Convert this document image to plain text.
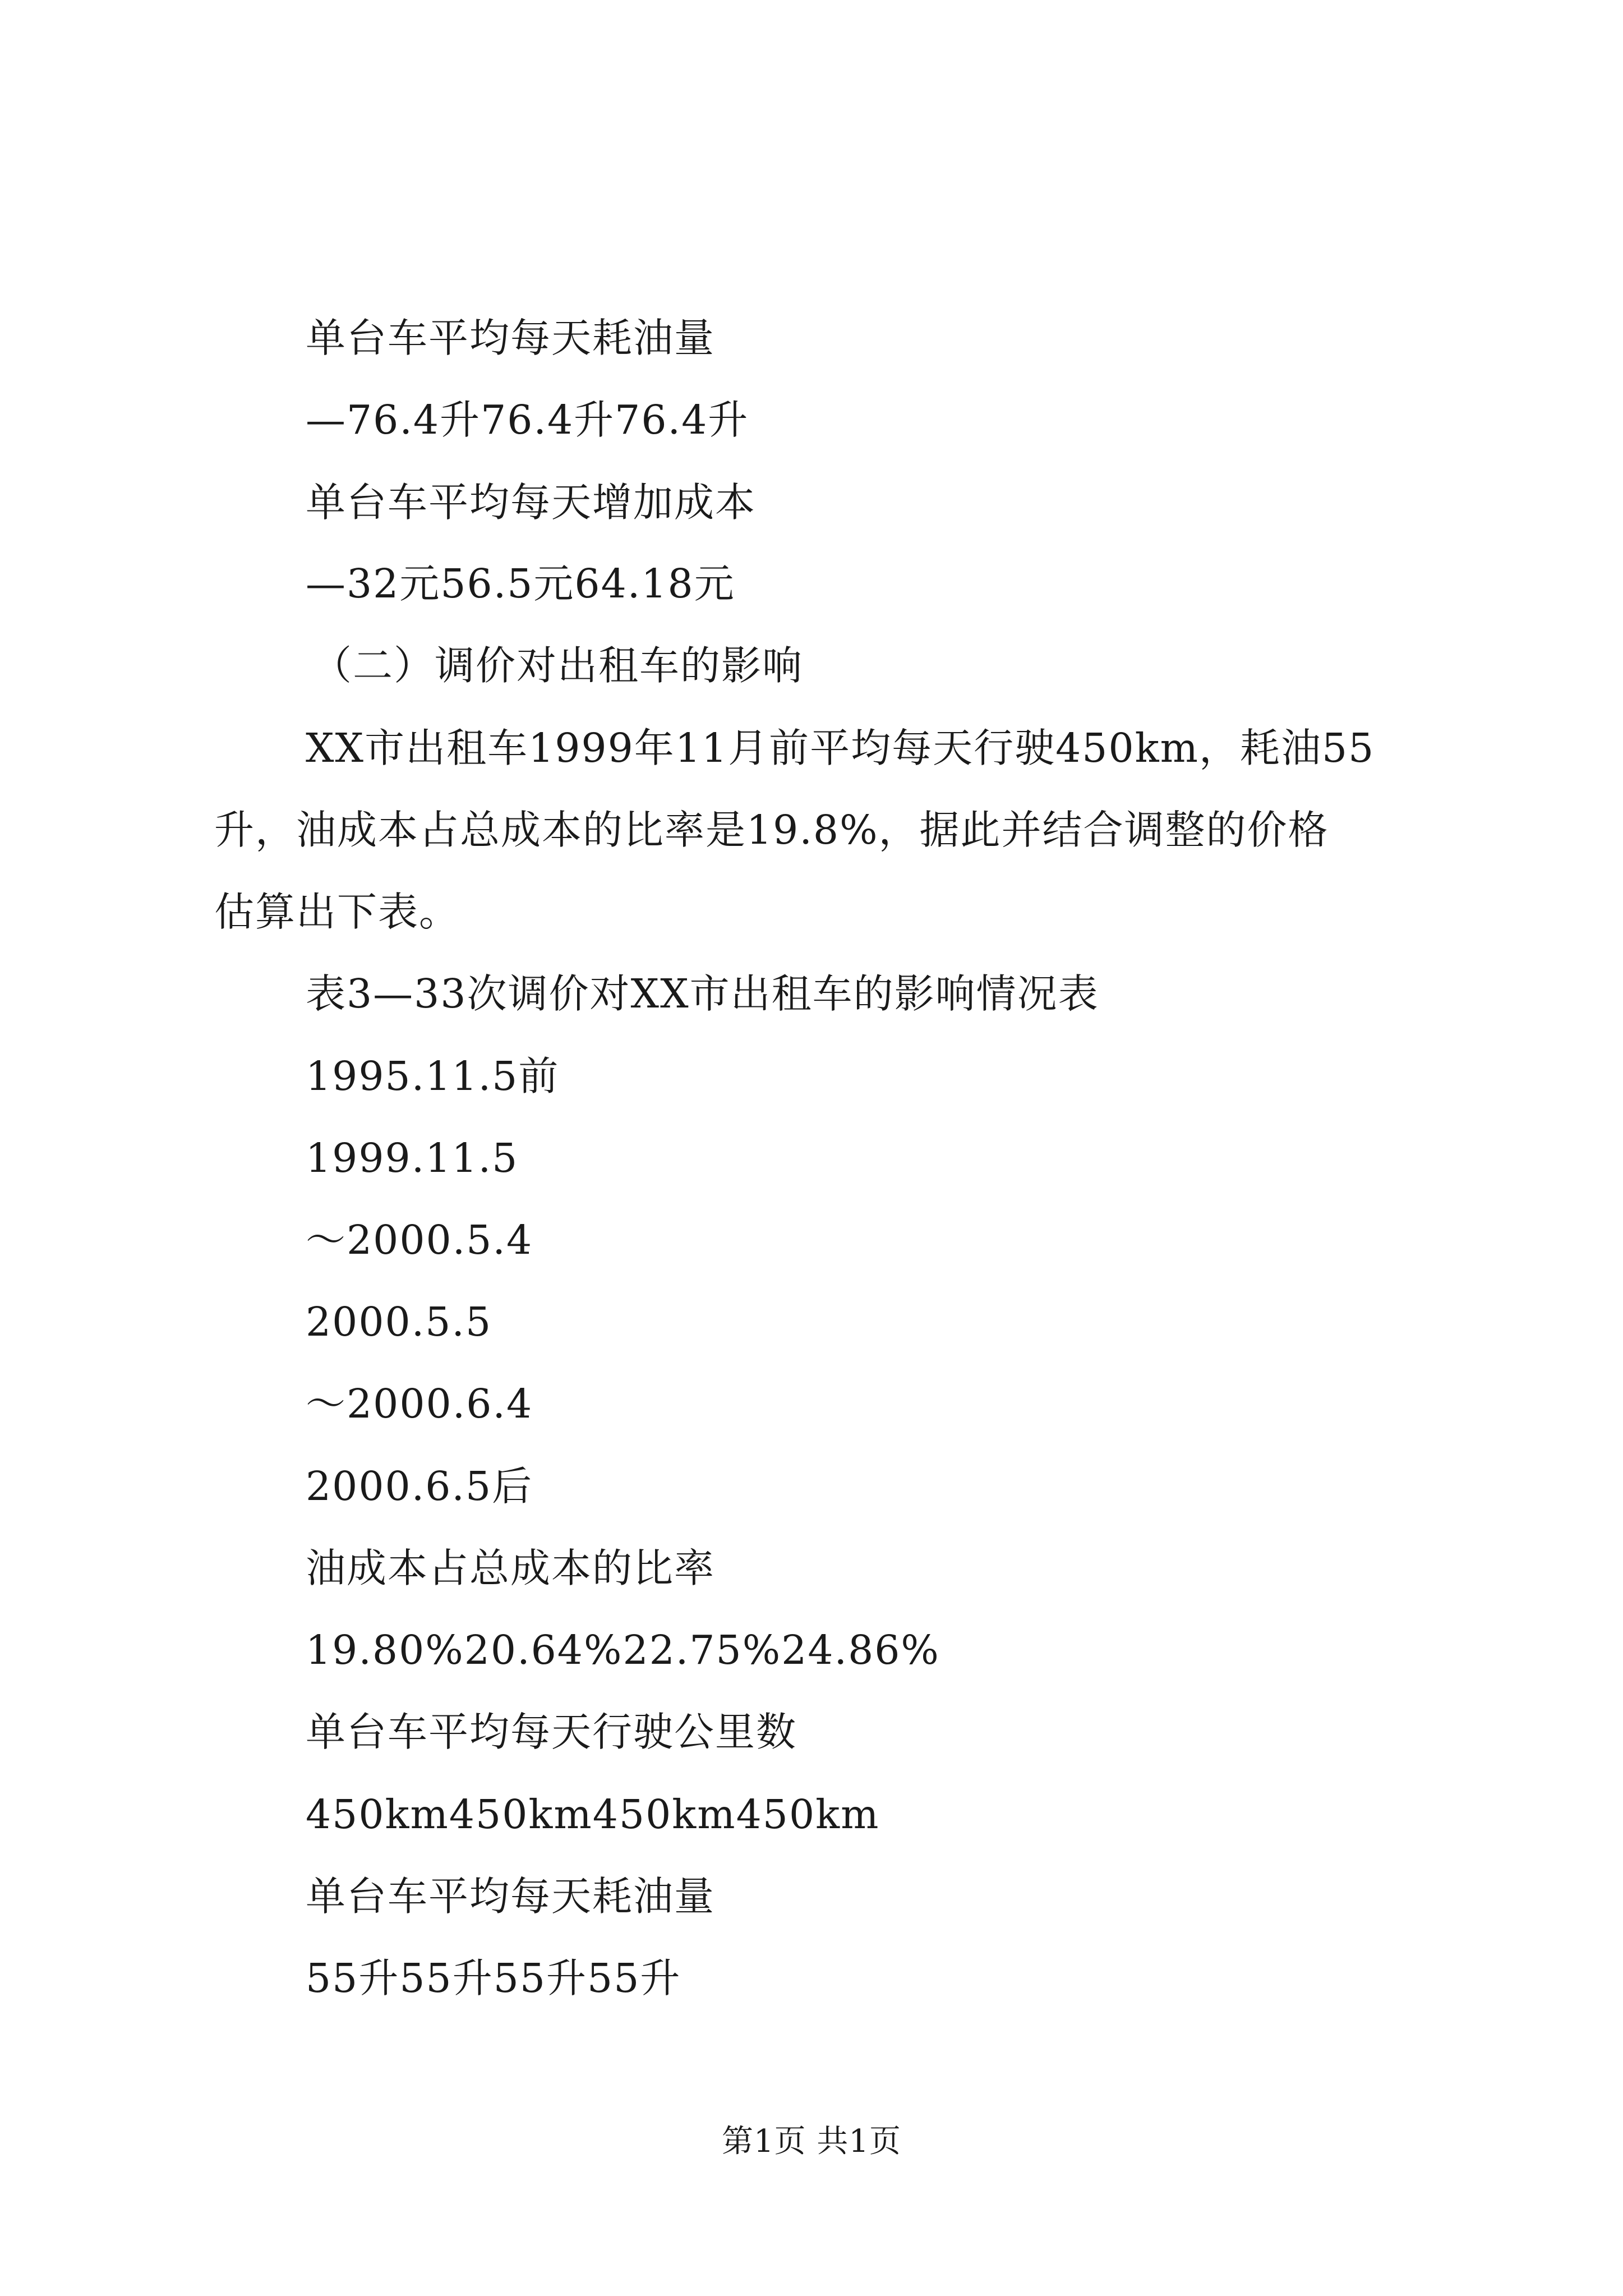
单台车平均每天耗油量
—76.4升76.4升76.4升
单台车平均每天增加成本
—32元56.5元64.18元
（二）调价对出租车的影响
XX市出租车1999年11月前平均每天行驶450km，耗油55
升，油成本占总成本的比率是19.8%，据此并结合调整的价格
估算出下表。
表3—33次调价对XX市出租车的影响情况表
1995.11.5前
1999.11.5
～2000.5.4
2000.5.5
～2000.6.4
2000.6.5后
油成本占总成本的比率
19.80%20.64%22.75%24.86%
单台车平均每天行驶公里数
450km450km450km450km
单台车平均每天耗油量
55升55升55升55升
第1页 共1页
